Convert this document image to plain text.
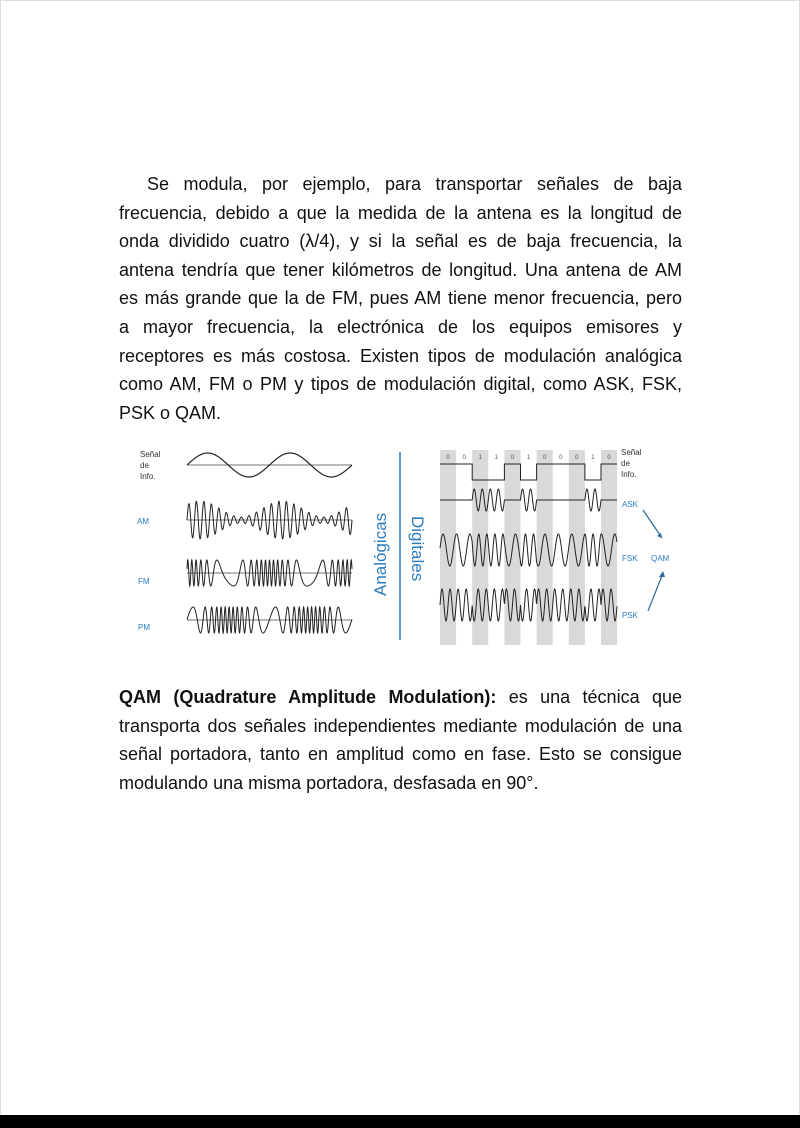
Se modula, por ejemplo, para transportar señales de baja
frecuencia, debido a que la medida de la antena es la longitud de
onda dividido cuatro (λ/4), y si la señal es de baja frecuencia, la
antena tendría que tener kilómetros de longitud. Una antena de AM
es más grande que la de FM, pues AM tiene menor frecuencia, pero
a mayor frecuencia, la electrónica de los equipos emisores y
receptores es más costosa. Existen tipos de modulación analógica
como AM, FM o PM y tipos de modulación digital, como ASK, FSK,
PSK o QAM.
Señal
de
Info.
AM
FM
PM
Analógicas Digitales
0 0 1 1 0 1 0 0 0 1 0
Señal
de
Info.
ASK
FSK
PSK
QAM
QAM (Quadrature Amplitude Modulation): es una técnica que
transporta dos señales independientes mediante modulación de una
señal portadora, tanto en amplitud como en fase. Esto se consigue
modulando una misma portadora, desfasada en 90°.
